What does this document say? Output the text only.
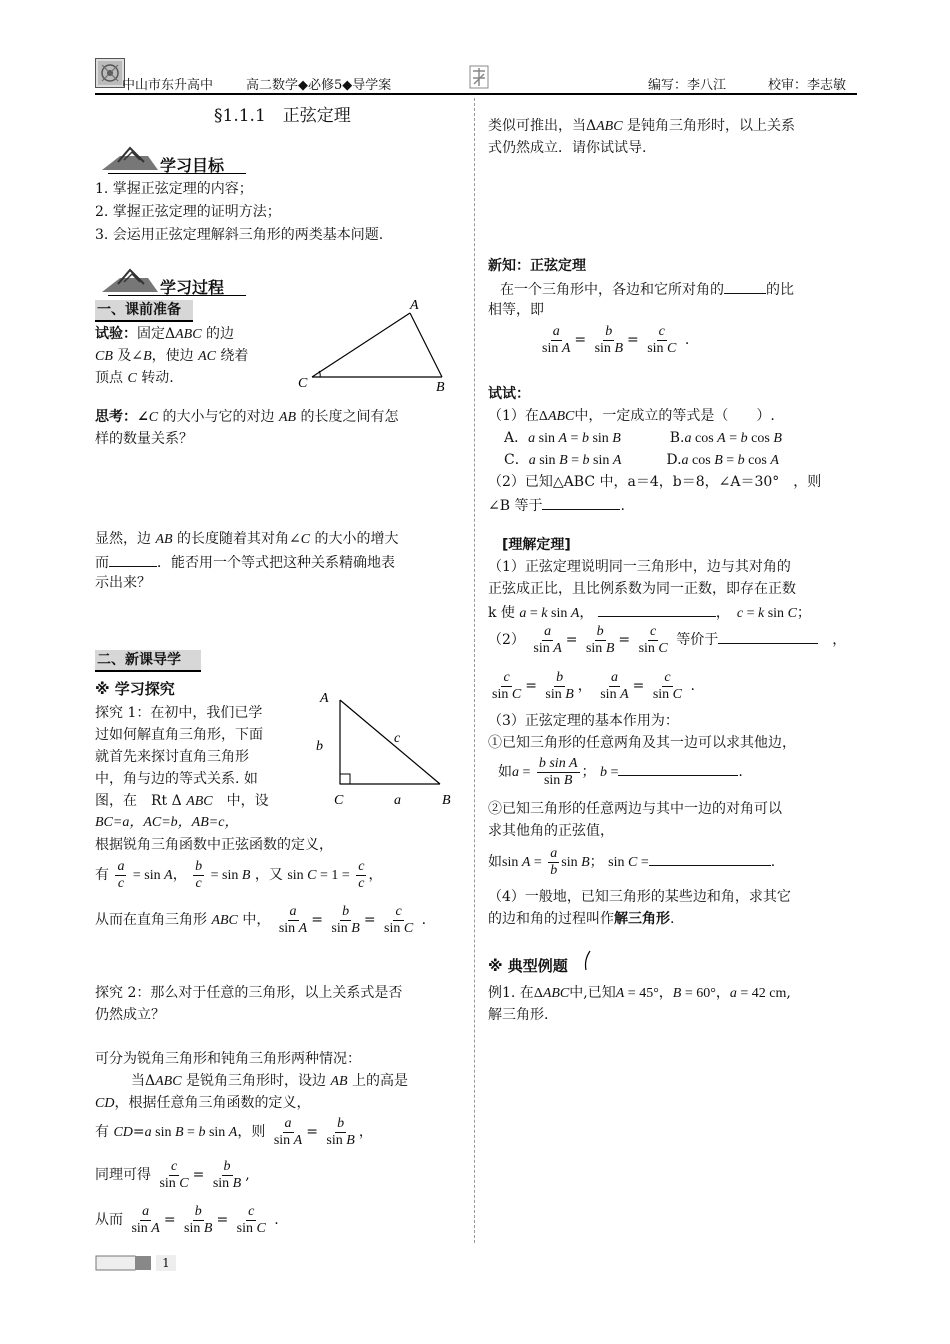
中山市东升高中	高二数学◆必修5◆导学案	编写：李八江	校审：李志敏
§1.1.1　正弦定理
学习目标
1. 掌握正弦定理的内容；
2. 掌握正弦定理的证明方法；
3. 会运用正弦定理解斜三角形的两类基本问题.
学习过程
一、课前准备
试验：固定ΔABC 的边
CB 及∠B，使边 AC 绕着
顶点 C 转动.
A
C	B
思考：∠C 的大小与它的对边 AB 的长度之间有怎
样的数量关系？
显然，边 AB 的长度随着其对角∠C 的大小的增大
而	．能否用一个等式把这种关系精确地表
示出来？
二、新课导学
※ 学习探究
探究 1：在初中，我们已学
过如何解直角三角形，下面
就首先来探讨直角三角形
中，角与边的等式关系. 如
图，在　Rt Δ ABC　中，设
BC=a，AC=b，AB=c，
根据锐角三角函数中正弦函数的定义，
A
b
c
C	a	B
有 $\frac{a}{c} = \sin A$， $\frac{b}{c} = \sin B$ ，又 $\sin C = 1 = \frac{c}{c}$ ，
从而在直角三角形 ABC 中， $\frac{a}{\text{sin A}} = \frac{b}{\text{sin B}} = \frac{c}{\text{sin C}}$ .
探究 2：那么对于任意的三角形，以上关系式是否
仍然成立？
可分为锐角三角形和钝角三角形两种情况：
当ΔABC 是锐角三角形时，设边 AB 上的高是
CD，根据任意角三角函数的定义，
有 CD=a sin B = b sin A，则 $\frac{a}{\text{sin A}} = \frac{b}{\text{sin B}}$ ，
同理可得 $\frac{c}{\text{sin C}} = \frac{b}{\text{sin B}}$ ,
从而 $\frac{a}{\text{sin A}} = \frac{b}{\text{sin B}} = \frac{c}{\text{sin C}}$ .
1
类似可推出，当ΔABC 是钝角三角形时，以上关系
式仍然成立．请你试试导.
新知：正弦定理
在一个三角形中，各边和它所对角的	的比
相等，即
$\frac{a}{\text{sin A}} = \frac{b}{\text{sin B}} = \frac{c}{\text{sin C}}$ .
试试：
（1）在ΔABC中，一定成立的等式是（　　）.
A．a sin A = b sin B	B.a cos A = b cos B
C．a sin B = b sin A	D.a cos B = b cos A
（2）已知△ABC 中，a＝4，b＝8，∠A＝30°　，则
∠B 等于	.
[理解定理]
（1）正弦定理说明同一三角形中，边与其对角的
正弦成正比，且比例系数为同一正数，即存在正数
k 使 a = k sin A，	，　c = k sin C；
$(2) \frac{a}{\text{sin A}} = \frac{b}{\text{sin B}} = \frac{c}{\text{sin C}}$ 等价于	　，
$\frac{c}{\text{sin C}} = \frac{b}{\text{sin B}}$ ， $\frac{a}{\text{sin A}} = \frac{c}{\text{sin C}}$ .
（3）正弦定理的基本作用为：
①已知三角形的任意两角及其一边可以求其他边，
如$a = \frac{\text{b sin A}}{\text{sin B}}$ ； b =	.
②已知三角形的任意两边与其中一边的对角可以
求其他角的正弦值，
如$\sin A = \frac{a}{b}$ sin B； sin C =	.
（4）一般地，已知三角形的某些边和角，求其它
的边和角的过程叫作解三角形.
※ 典型例题
例1. 在ΔABC中,已知A = 45°，B = 60°，a = 42 cm,
解三角形.
